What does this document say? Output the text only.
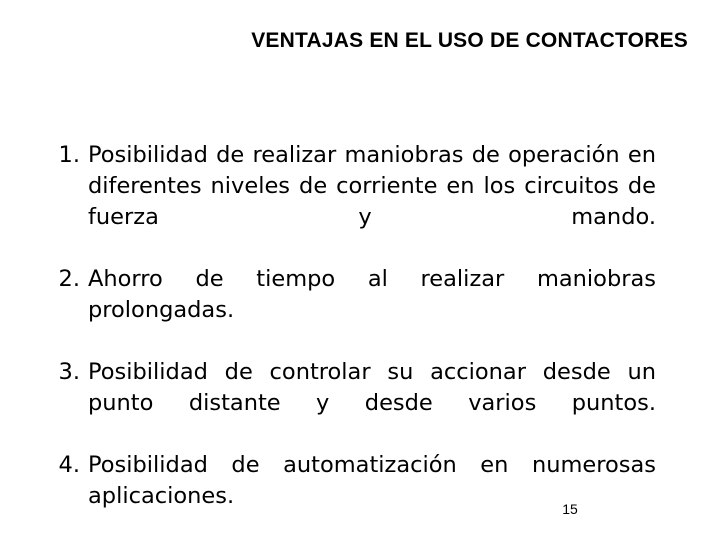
VENTAJAS EN EL USO DE CONTACTORES
1. Posibilidad de realizar maniobras de operación en diferentes niveles de corriente en los circuitos de fuerza y mando.
2. Ahorro de tiempo al realizar maniobras prolongadas.
3. Posibilidad de controlar su accionar desde un punto distante y desde varios puntos.
4. Posibilidad de automatización en numerosas aplicaciones.	15
